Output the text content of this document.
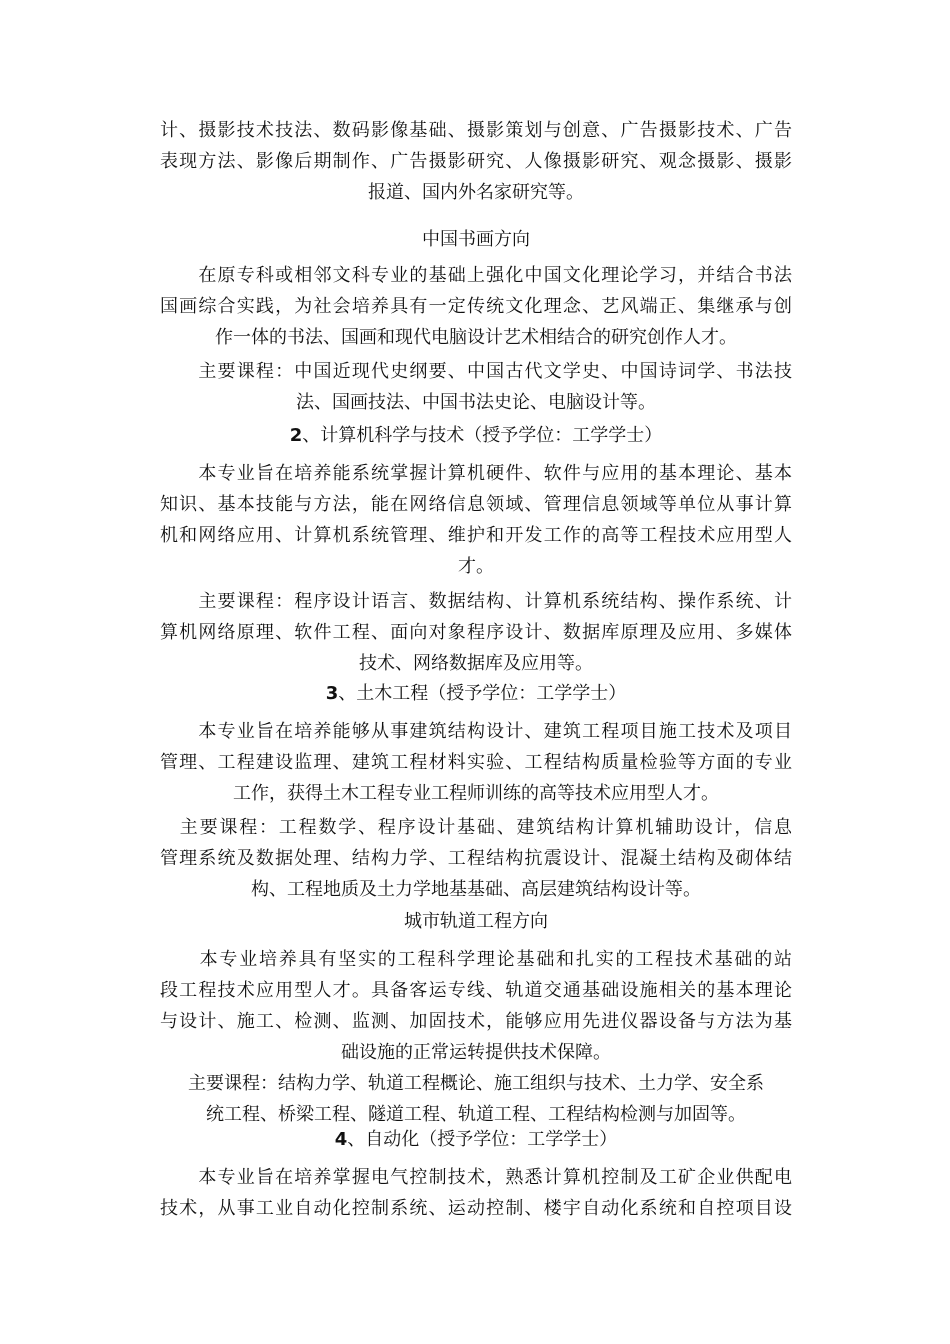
计、摄影技术技法、数码影像基础、摄影策划与创意、广告摄影技术、广告
表现方法、影像后期制作、广告摄影研究、人像摄影研究、观念摄影、摄影
报道、国内外名家研究等。
中国书画方向
　　在原专科或相邻文科专业的基础上强化中国文化理论学习，并结合书法
国画综合实践，为社会培养具有一定传统文化理念、艺风端正、集继承与创
作一体的书法、国画和现代电脑设计艺术相结合的研究创作人才。
　　主要课程：中国近现代史纲要、中国古代文学史、中国诗词学、书法技
法、国画技法、中国书法史论、电脑设计等。
2、计算机科学与技术（授予学位：工学学士）
　　本专业旨在培养能系统掌握计算机硬件、软件与应用的基本理论、基本
知识、基本技能与方法，能在网络信息领域、管理信息领域等单位从事计算
机和网络应用、计算机系统管理、维护和开发工作的高等工程技术应用型人
才。
　　主要课程：程序设计语言、数据结构、计算机系统结构、操作系统、计
算机网络原理、软件工程、面向对象程序设计、数据库原理及应用、多媒体
技术、网络数据库及应用等。
3、土木工程（授予学位：工学学士）
　　本专业旨在培养能够从事建筑结构设计、建筑工程项目施工技术及项目
管理、工程建设监理、建筑工程材料实验、工程结构质量检验等方面的专业
工作，获得土木工程专业工程师训练的高等技术应用型人才。
　主要课程：工程数学、程序设计基础、建筑结构计算机辅助设计，信息
管理系统及数据处理、结构力学、工程结构抗震设计、混凝土结构及砌体结
构、工程地质及土力学地基基础、高层建筑结构设计等。
城市轨道工程方向
　　本专业培养具有坚实的工程科学理论基础和扎实的工程技术基础的站
段工程技术应用型人才。具备客运专线、轨道交通基础设施相关的基本理论
与设计、施工、检测、监测、加固技术，能够应用先进仪器设备与方法为基
础设施的正常运转提供技术保障。
主要课程：结构力学、轨道工程概论、施工组织与技术、土力学、安全系
统工程、桥梁工程、隧道工程、轨道工程、工程结构检测与加固等。
4、自动化（授予学位：工学学士）
　　本专业旨在培养掌握电气控制技术，熟悉计算机控制及工矿企业供配电
技术，从事工业自动化控制系统、运动控制、楼宇自动化系统和自控项目设
